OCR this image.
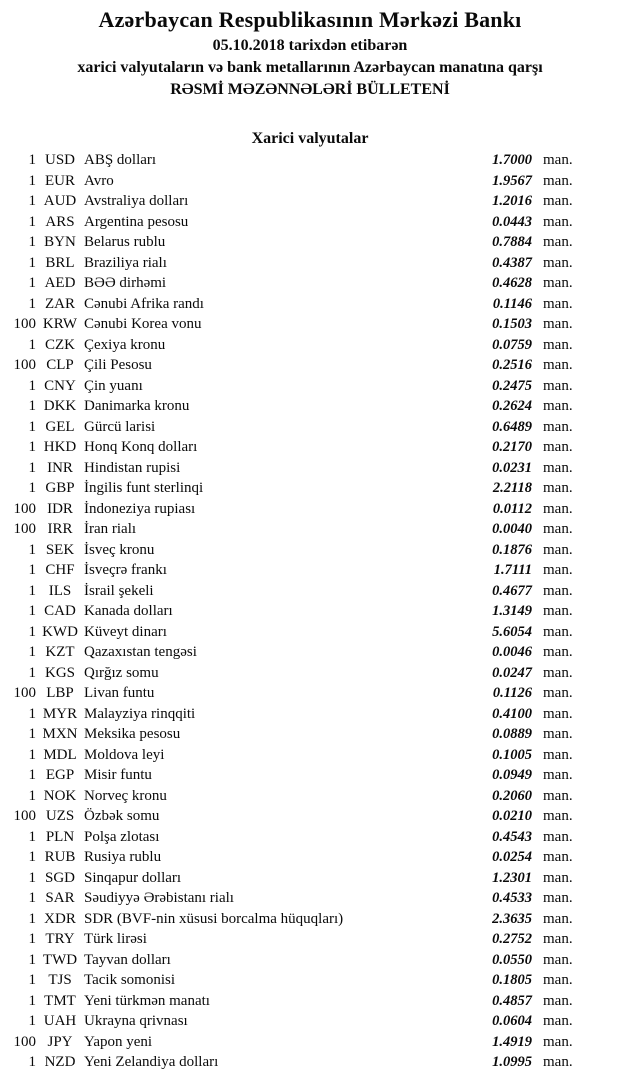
Azərbaycan Respublikasının Mərkəzi Bankı
05.10.2018 tarixdən etibarən
xarici valyutaların və bank metallarının Azərbaycan manatına qarşı
RƏSMİ MƏZƏNNƏLƏRİ BÜLLETENİ
Xarici valyutalar
1 USD ABŞ dolları	1.7000 man.
1 EUR Avro	1.9567 man.
1 AUD Avstraliya dolları	1.2016 man.
1 ARS Argentina pesosu	0.0443 man.
1 BYN Belarus rublu	0.7884 man.
1 BRL Braziliya rialı	0.4387 man.
1 AED BƏƏ dirhəmi	0.4628 man.
1 ZAR Cənubi Afrika randı	0.1146 man.
100 KRW Cənubi Korea vonu	0.1503 man.
1 CZK Çexiya kronu	0.0759 man.
100 CLP Çili Pesosu	0.2516 man.
1 CNY Çin yuanı	0.2475 man.
1 DKK Danimarka kronu	0.2624 man.
1 GEL Gürcü larisi	0.6489 man.
1 HKD Honq Konq dolları	0.2170 man.
1 INR Hindistan rupisi	0.0231 man.
1 GBP İngilis funt sterlinqi	2.2118 man.
100 IDR İndoneziya rupiası	0.0112 man.
100 IRR İran rialı	0.0040 man.
1 SEK İsveç kronu	0.1876 man.
1 CHF İsveçrə frankı	1.7111 man.
1 ILS İsrail şekeli	0.4677 man.
1 CAD Kanada dolları	1.3149 man.
1 KWD Küveyt dinarı	5.6054 man.
1 KZT Qazaxıstan tengəsi	0.0046 man.
1 KGS Qırğız somu	0.0247 man.
100 LBP Livan funtu	0.1126 man.
1 MYR Malayziya rinqqiti	0.4100 man.
1 MXN Meksika pesosu	0.0889 man.
1 MDL Moldova leyi	0.1005 man.
1 EGP Misir funtu	0.0949 man.
1 NOK Norveç kronu	0.2060 man.
100 UZS Özbək somu	0.0210 man.
1 PLN Polşa zlotası	0.4543 man.
1 RUB Rusiya rublu	0.0254 man.
1 SGD Sinqapur dolları	1.2301 man.
1 SAR Səudiyyə Ərəbistanı rialı	0.4533 man.
1 XDR SDR (BVF-nin xüsusi borcalma hüquqları)	2.3635 man.
1 TRY Türk lirəsi	0.2752 man.
1 TWD Tayvan dolları	0.0550 man.
1 TJS Tacik somonisi	0.1805 man.
1 TMT Yeni türkmən manatı	0.4857 man.
1 UAH Ukrayna qrivnası	0.0604 man.
100 JPY Yapon yeni	1.4919 man.
1 NZD Yeni Zelandiya dolları	1.0995 man.
